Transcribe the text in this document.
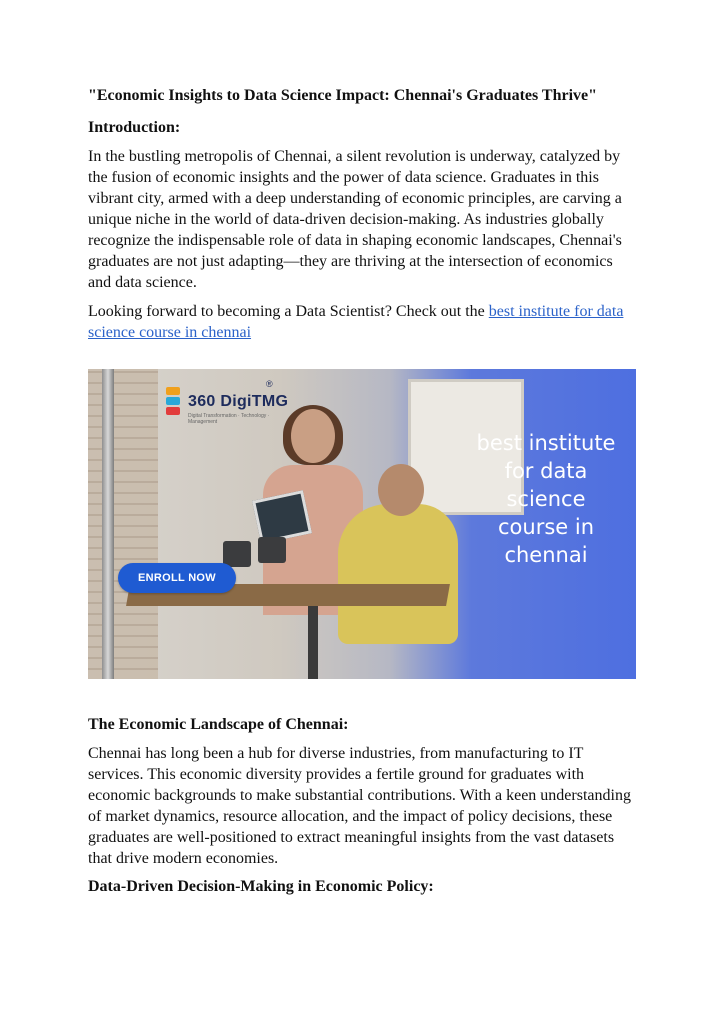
"Economic Insights to Data Science Impact: Chennai's Graduates Thrive"
Introduction:

In the bustling metropolis of Chennai, a silent revolution is underway, catalyzed by the fusion of economic insights and the power of data science. Graduates in this vibrant city, armed with a deep understanding of economic principles, are carving a unique niche in the world of data-driven decision-making. As industries globally recognize the indispensable role of data in shaping economic landscapes, Chennai's graduates are not just adapting—they are thriving at the intersection of economics and data science.

Looking forward to becoming a Data Scientist? Check out the best institute for data science course in chennai

360 DigiTMG
Digital Transformation · Technology · Management
®
ENROLL NOW
best institute
for data
science
course in
chennai
The Economic Landscape of Chennai:

Chennai has long been a hub for diverse industries, from manufacturing to IT services. This economic diversity provides a fertile ground for graduates with economic backgrounds to make substantial contributions. With a keen understanding of market dynamics, resource allocation, and the impact of policy decisions, these graduates are well-positioned to extract meaningful insights from the vast datasets that drive modern economies.

Data-Driven Decision-Making in Economic Policy:
